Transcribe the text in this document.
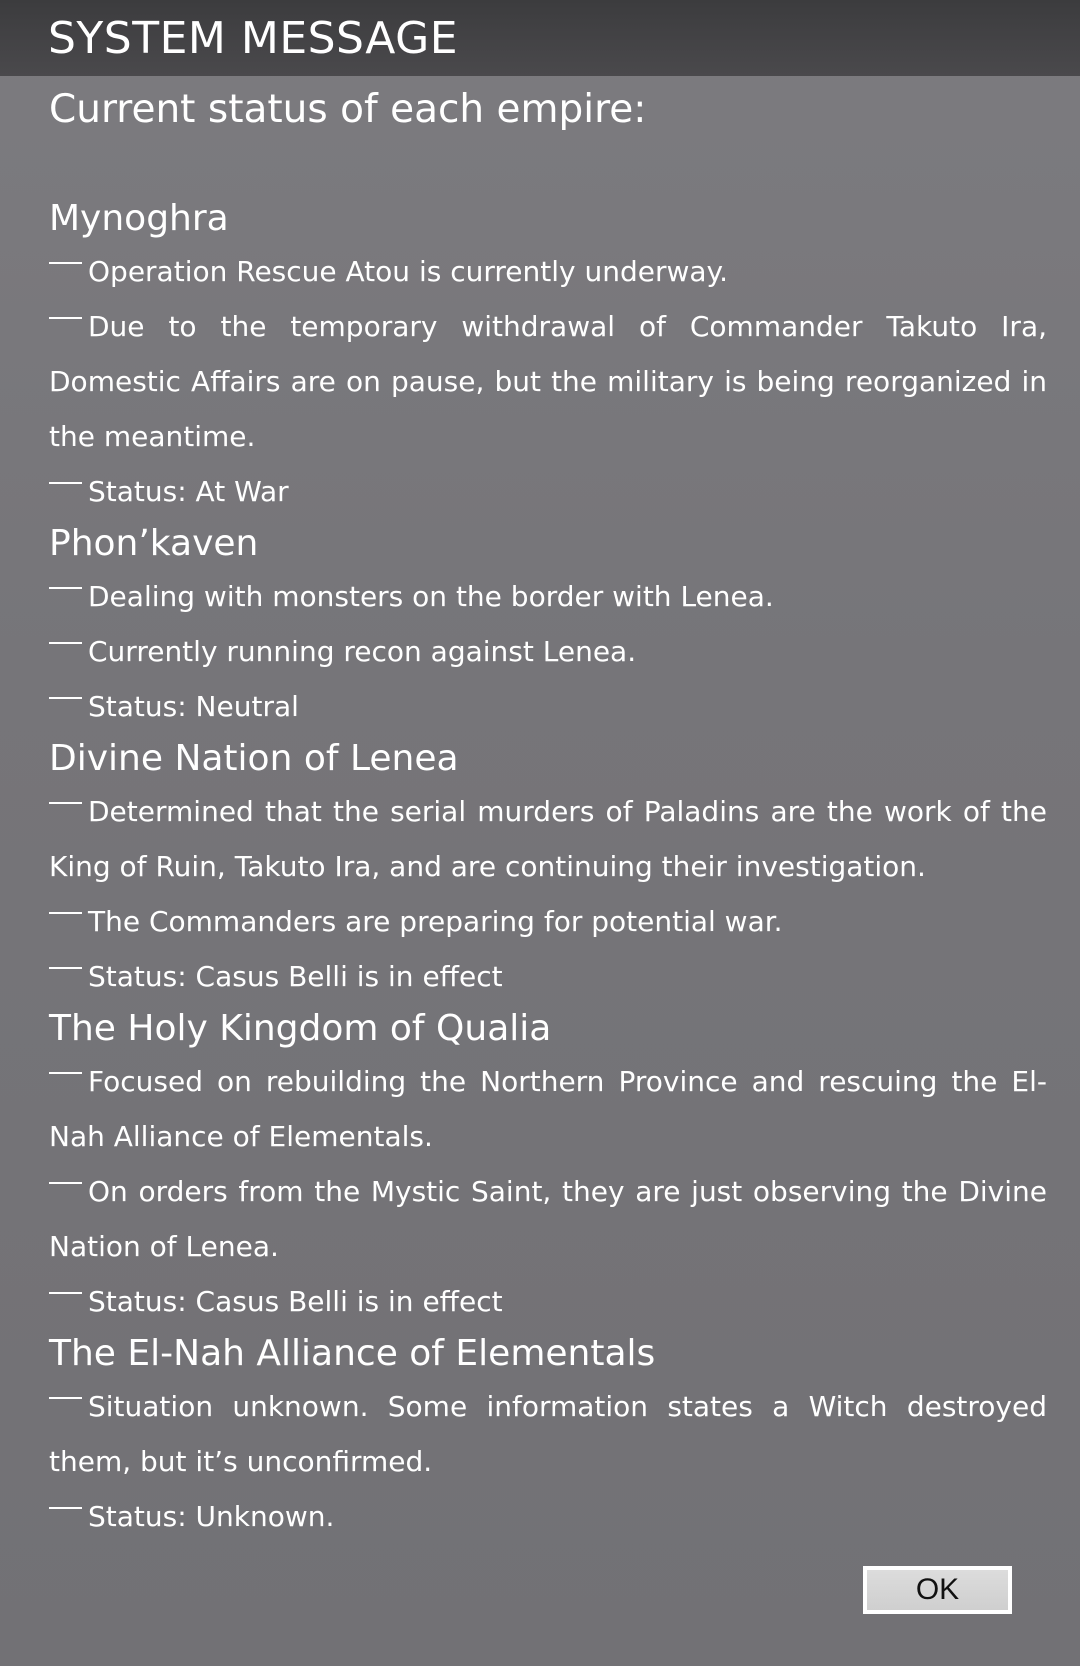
SYSTEM MESSAGE
Current status of each empire:
Mynoghra

Operation Rescue Atou is currently underway.

Due to the temporary withdrawal of Commander Takuto Ira, Domestic Affairs are on pause, but the military is being reorganized in the meantime.

Status: At War

Phon’kaven

Dealing with monsters on the border with Lenea.

Currently running recon against Lenea.

Status: Neutral

Divine Nation of Lenea

Determined that the serial murders of Paladins are the work of the King of Ruin, Takuto Ira, and are continuing their investigation.

The Commanders are preparing for potential war.

Status: Casus Belli is in effect

The Holy Kingdom of Qualia

Focused on rebuilding the Northern Province and rescuing the El-Nah Alliance of Elementals.

On orders from the Mystic Saint, they are just observing the Divine Nation of Lenea.

Status: Casus Belli is in effect

The El-Nah Alliance of Elementals

Situation unknown. Some information states a Witch destroyed them, but it’s unconfirmed.

Status: Unknown.

OK
